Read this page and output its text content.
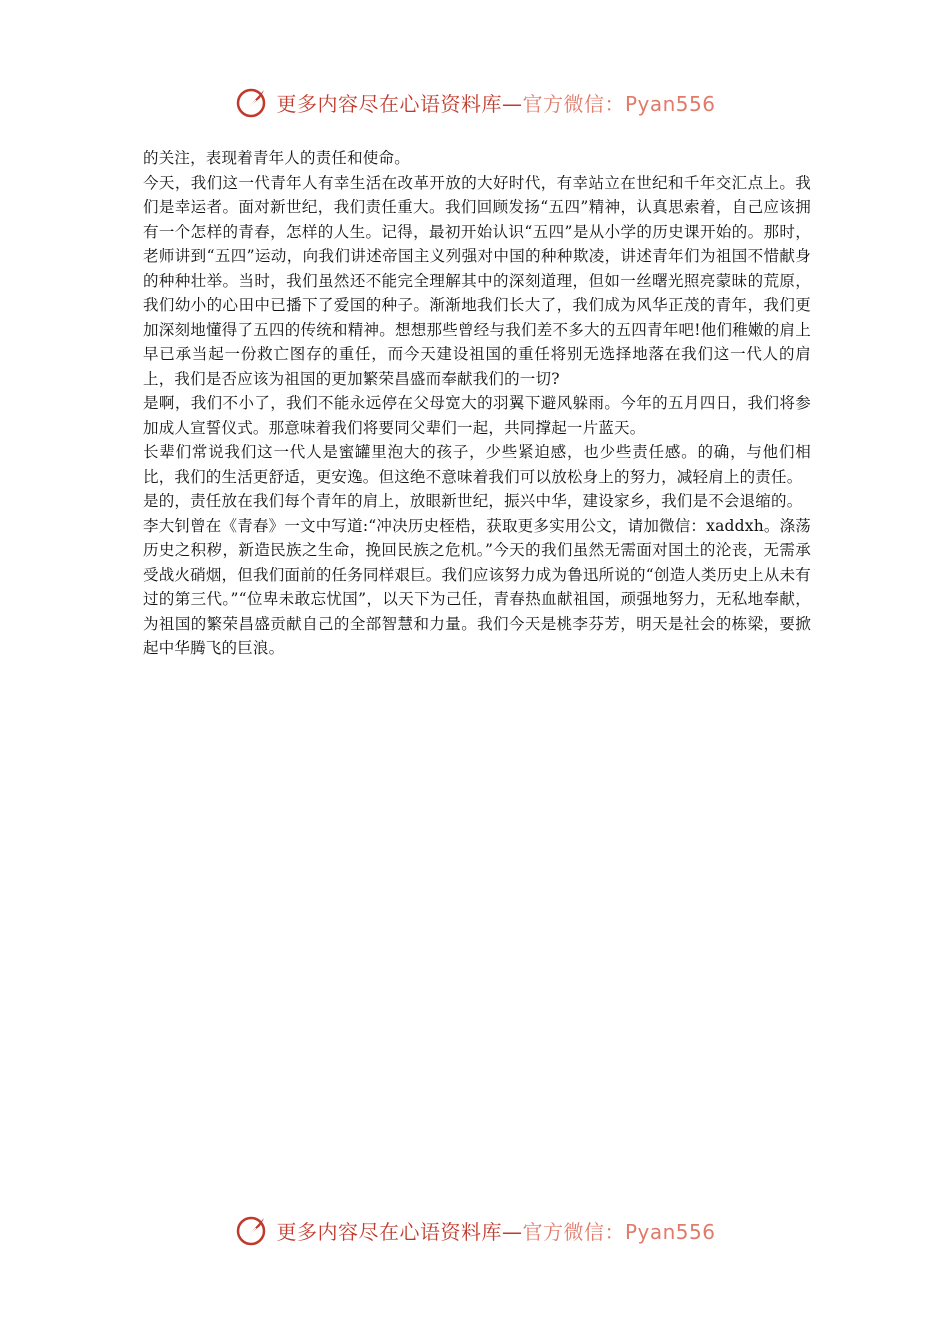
更多内容尽在心语资料库—官方微信：Pyan556

的关注，表现着青年人的责任和使命。

今天，我们这一代青年人有幸生活在改革开放的大好时代，有幸站立在世纪和千年交汇点上。我们是幸运者。面对新世纪，我们责任重大。我们回顾发扬“五四”精神，认真思索着，自己应该拥有一个怎样的青春，怎样的人生。记得，最初开始认识“五四”是从小学的历史课开始的。那时，老师讲到“五四”运动，向我们讲述帝国主义列强对中国的种种欺凌，讲述青年们为祖国不惜献身的种种壮举。当时，我们虽然还不能完全理解其中的深刻道理，但如一丝曙光照亮蒙昧的荒原，我们幼小的心田中已播下了爱国的种子。渐渐地我们长大了，我们成为风华正茂的青年，我们更加深刻地懂得了五四的传统和精神。想想那些曾经与我们差不多大的五四青年吧!他们稚嫩的肩上早已承当起一份救亡图存的重任，而今天建设祖国的重任将别无选择地落在我们这一代人的肩上，我们是否应该为祖国的更加繁荣昌盛而奉献我们的一切?

是啊，我们不小了，我们不能永远停在父母宽大的羽翼下避风躲雨。今年的五月四日，我们将参加成人宣誓仪式。那意味着我们将要同父辈们一起，共同撑起一片蓝天。

长辈们常说我们这一代人是蜜罐里泡大的孩子，少些紧迫感，也少些责任感。的确，与他们相比，我们的生活更舒适，更安逸。但这绝不意味着我们可以放松身上的努力，减轻肩上的责任。

是的，责任放在我们每个青年的肩上，放眼新世纪，振兴中华，建设家乡，我们是不会退缩的。

李大钊曾在《青春》一文中写道:“冲决历史桎梏，获取更多实用公文，请加微信：xaddxh。涤荡历史之积秽，新造民族之生命，挽回民族之危机。”今天的我们虽然无需面对国土的沦丧，无需承受战火硝烟，但我们面前的任务同样艰巨。我们应该努力成为鲁迅所说的“创造人类历史上从未有过的第三代。”“位卑未敢忘忧国”，以天下为己任，青春热血献祖国，顽强地努力，无私地奉献，为祖国的繁荣昌盛贡献自己的全部智慧和力量。我们今天是桃李芬芳，明天是社会的栋梁，要掀起中华腾飞的巨浪。

更多内容尽在心语资料库—官方微信：Pyan556
